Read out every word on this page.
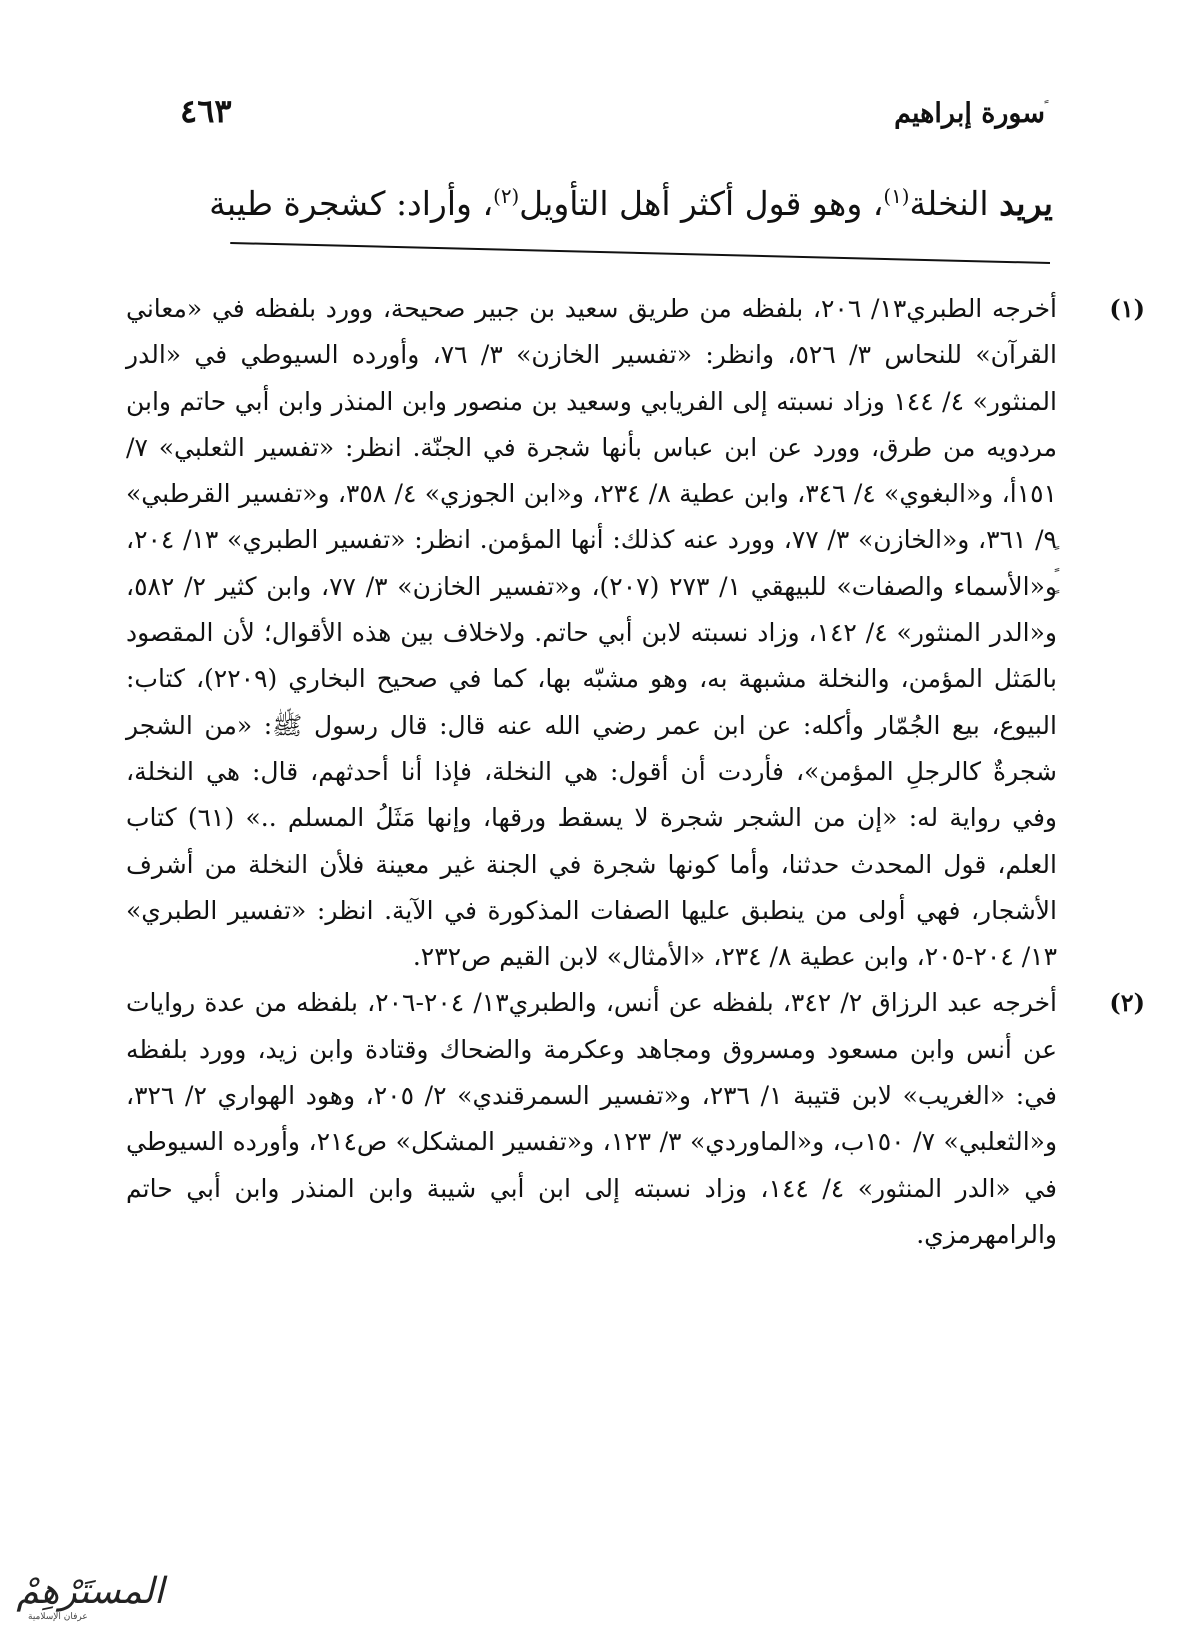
سورة إبراهيم
٤٦٣
يريد النخلة$^{(١)}$، وهو قول أكثر أهل التأويل$^{(٢)}$، وأراد: كشجرة طيبة

(١)
أخرجه الطبري١٣/ ٢٠٦، بلفظه من طريق سعيد بن جبير صحيحة، وورد بلفظه في «معاني القرآن» للنحاس ٣/ ٥٢٦، وانظر: «تفسير الخازن» ٣/ ٧٦، وأورده السيوطي في «الدر المنثور» ٤/ ١٤٤ وزاد نسبته إلى الفريابي وسعيد بن منصور وابن المنذر وابن أبي حاتم وابن مردويه من طرق، وورد عن ابن عباس بأنها شجرة في الجنّة. انظر: «تفسير الثعلبي» ٧/ ١٥١أ، و«البغوي» ٤/ ٣٤٦، وابن عطية ٨/ ٢٣٤، و«ابن الجوزي» ٤/ ٣٥٨، و«تفسير القرطبي» ٩/ ٣٦١، و«الخازن» ٣/ ٧٧، وورد عنه كذلك: أنها المؤمن. انظر: «تفسير الطبري» ١٣/ ٢٠٤، و«الأسماء والصفات» للبيهقي ١/ ٢٧٣ (٢٠٧)، و«تفسير الخازن» ٣/ ٧٧، وابن كثير ٢/ ٥٨٢، و«الدر المنثور» ٤/ ١٤٢، وزاد نسبته لابن أبي حاتم. ولاخلاف بين هذه الأقوال؛ لأن المقصود بالمَثل المؤمن، والنخلة مشبهة به، وهو مشبّه بها، كما في صحيح البخاري (٢٢٠٩)، كتاب: البيوع، بيع الجُمّار وأكله: عن ابن عمر رضي الله عنه قال: قال رسول ﷺ: «من الشجر شجرةٌ كالرجلِ المؤمن»، فأردت أن أقول: هي النخلة، فإذا أنا أحدثهم، قال: هي النخلة، وفي رواية له: «إن من الشجر شجرة لا يسقط ورقها، وإنها مَثَلُ المسلم ..» (٦١) كتاب العلم، قول المحدث حدثنا، وأما كونها شجرة في الجنة غير معينة فلأن النخلة من أشرف الأشجار، فهي أولى من ينطبق عليها الصفات المذكورة في الآية. انظر: «تفسير الطبري» ١٣/ ٢٠٤-٢٠٥، وابن عطية ٨/ ٢٣٤، «الأمثال» لابن القيم ص٢٣٢.
(٢)
أخرجه عبد الرزاق ٢/ ٣٤٢، بلفظه عن أنس، والطبري١٣/ ٢٠٤-٢٠٦، بلفظه من عدة روايات عن أنس وابن مسعود ومسروق ومجاهد وعكرمة والضحاك وقتادة وابن زيد، وورد بلفظه في: «الغريب» لابن قتيبة ١/ ٢٣٦، و«تفسير السمرقندي» ٢/ ٢٠٥، وهود الهواري ٢/ ٣٢٦، و«الثعلبي» ٧/ ١٥٠ب، و«الماوردي» ٣/ ١٢٣، و«تفسير المشكل» ص٢١٤، وأورده السيوطي في «الدر المنثور» ٤/ ١٤٤، وزاد نسبته إلى ابن أبي شيبة وابن المنذر وابن أبي حاتم والرامهرمزي.
المستَرْهِمْ
عرفان الإسلامية
